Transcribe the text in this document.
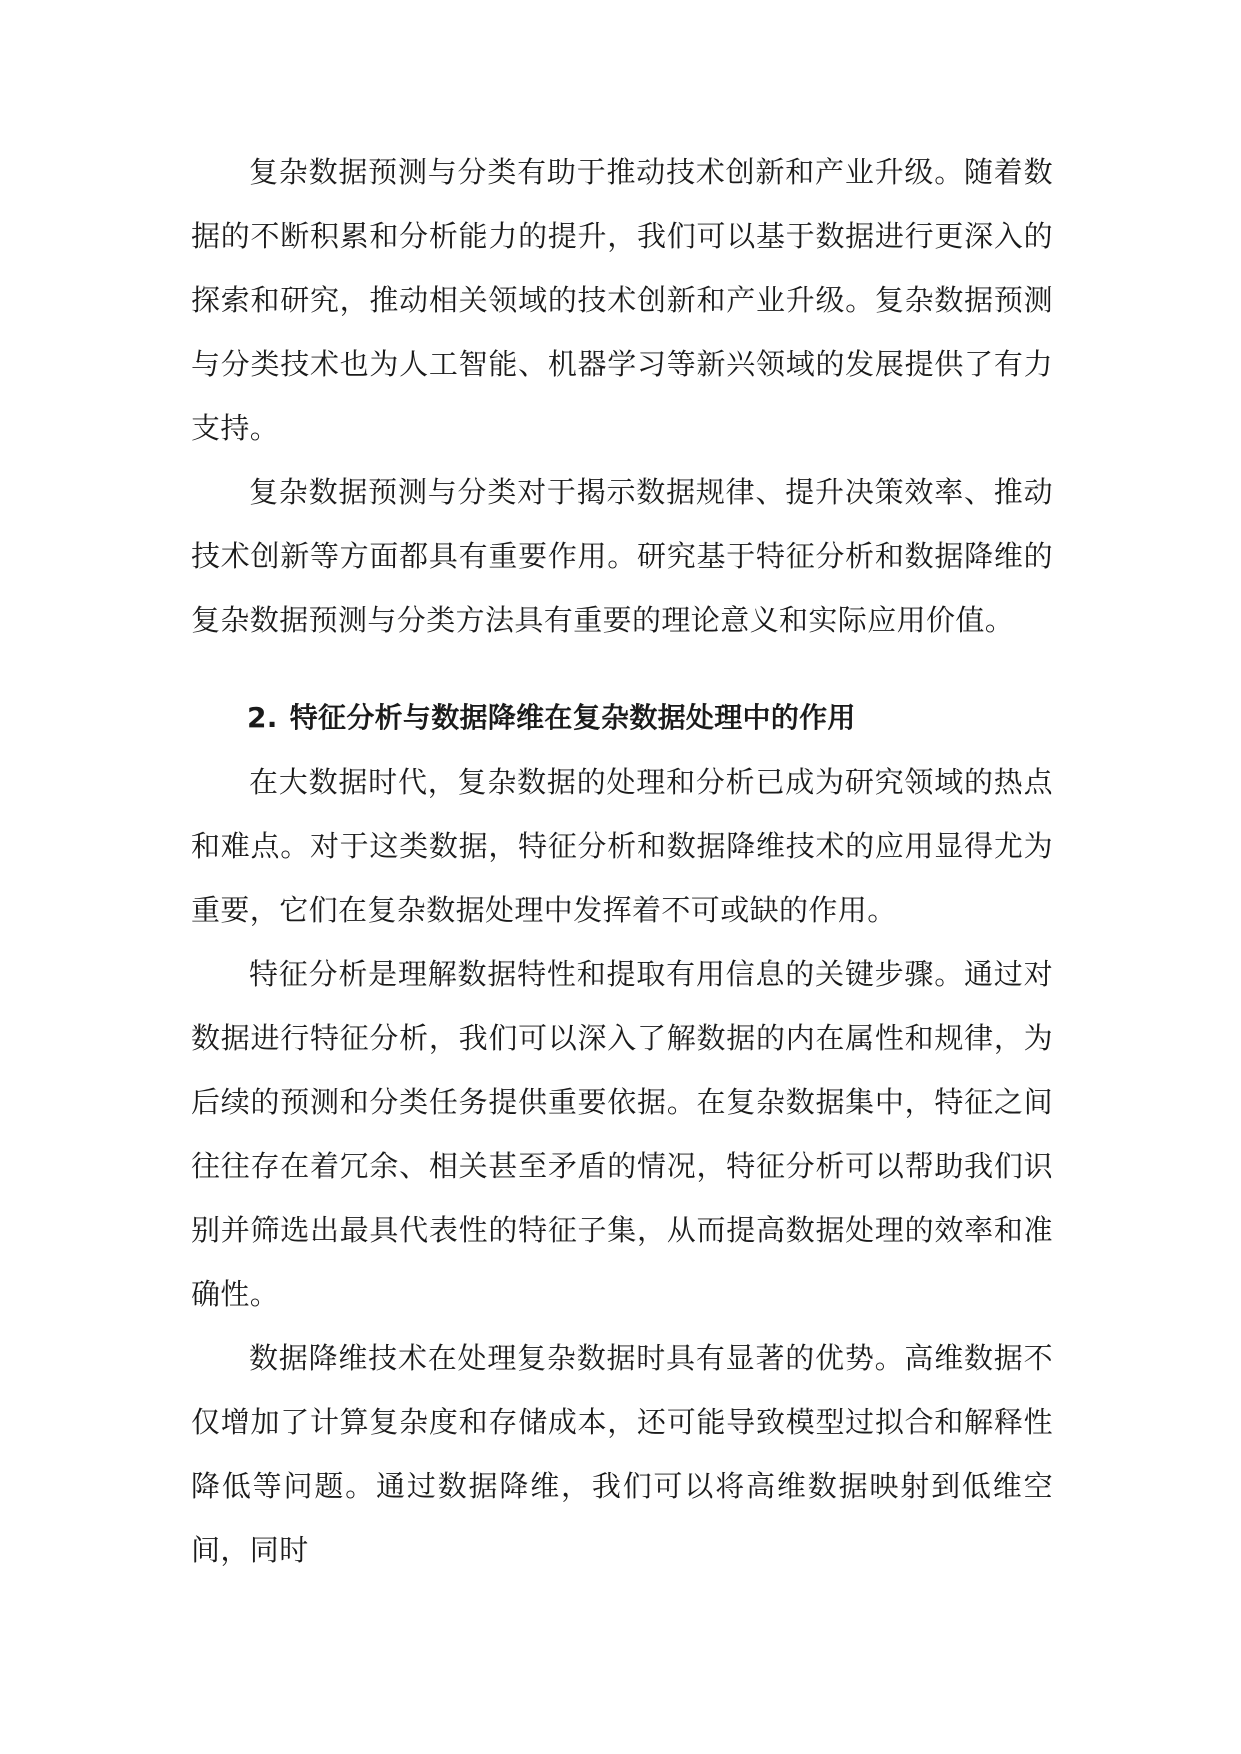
复杂数据预测与分类有助于推动技术创新和产业升级。随着数据的不断积累和分析能力的提升，我们可以基于数据进行更深入的探索和研究，推动相关领域的技术创新和产业升级。复杂数据预测与分类技术也为人工智能、机器学习等新兴领域的发展提供了有力支持。

复杂数据预测与分类对于揭示数据规律、提升决策效率、推动技术创新等方面都具有重要作用。研究基于特征分析和数据降维的复杂数据预测与分类方法具有重要的理论意义和实际应用价值。

2. 特征分析与数据降维在复杂数据处理中的作用

在大数据时代，复杂数据的处理和分析已成为研究领域的热点和难点。对于这类数据，特征分析和数据降维技术的应用显得尤为重要，它们在复杂数据处理中发挥着不可或缺的作用。

特征分析是理解数据特性和提取有用信息的关键步骤。通过对数据进行特征分析，我们可以深入了解数据的内在属性和规律，为后续的预测和分类任务提供重要依据。在复杂数据集中，特征之间往往存在着冗余、相关甚至矛盾的情况，特征分析可以帮助我们识别并筛选出最具代表性的特征子集，从而提高数据处理的效率和准确性。

数据降维技术在处理复杂数据时具有显著的优势。高维数据不仅增加了计算复杂度和存储成本，还可能导致模型过拟合和解释性降低等问题。通过数据降维，我们可以将高维数据映射到低维空间，同时
